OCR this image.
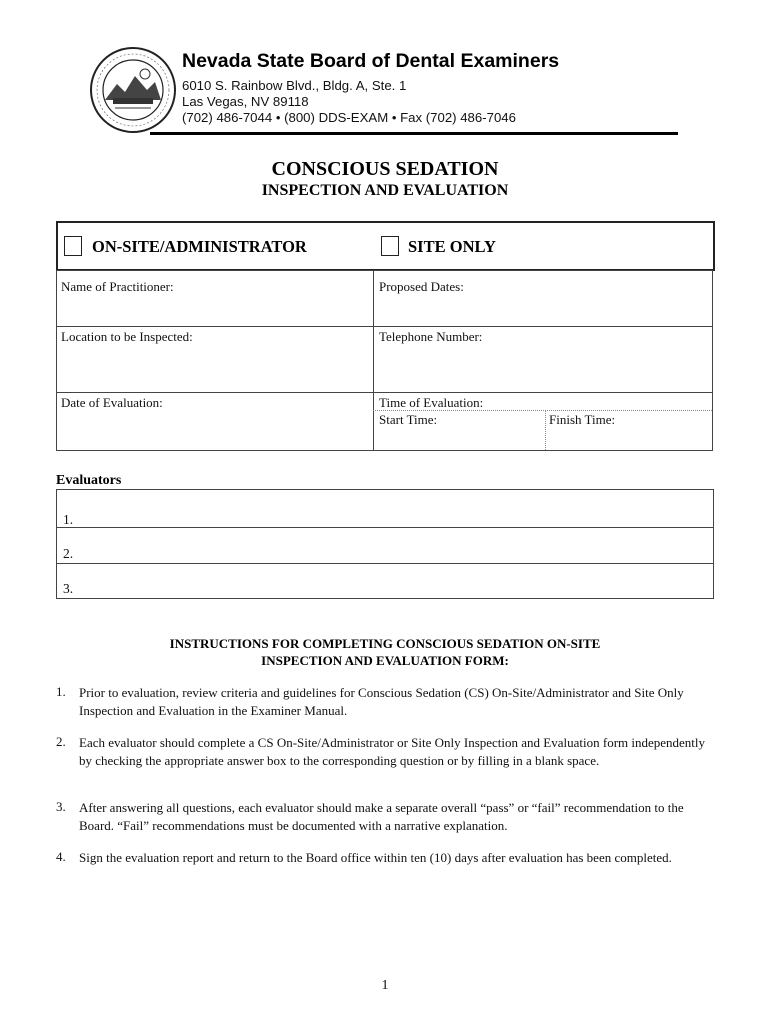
Nevada State Board of Dental Examiners
6010 S. Rainbow Blvd., Bldg. A, Ste. 1
Las Vegas, NV 89118
(702) 486-7044 • (800) DDS-EXAM • Fax (702) 486-7046
CONSCIOUS SEDATION
INSPECTION AND EVALUATION
ON-SITE/ADMINISTRATOR	SITE ONLY
Name of Practitioner:	Proposed Dates:
Location to be Inspected:	Telephone Number:
Date of Evaluation:	Time of Evaluation:
Start Time:	Finish Time:
Evaluators
1.
2.
3.
INSTRUCTIONS FOR COMPLETING CONSCIOUS SEDATION ON-SITE
INSPECTION AND EVALUATION FORM:
1. Prior to evaluation, review criteria and guidelines for Conscious Sedation (CS) On-Site/Administrator and Site Only Inspection and Evaluation in the Examiner Manual.
2. Each evaluator should complete a CS On-Site/Administrator or Site Only Inspection and Evaluation form independently by checking the appropriate answer box to the corresponding question or by filling in a blank space.
3. After answering all questions, each evaluator should make a separate overall “pass” or “fail” recommendation to the Board. “Fail” recommendations must be documented with a narrative explanation.
4. Sign the evaluation report and return to the Board office within ten (10) days after evaluation has been completed.
1
